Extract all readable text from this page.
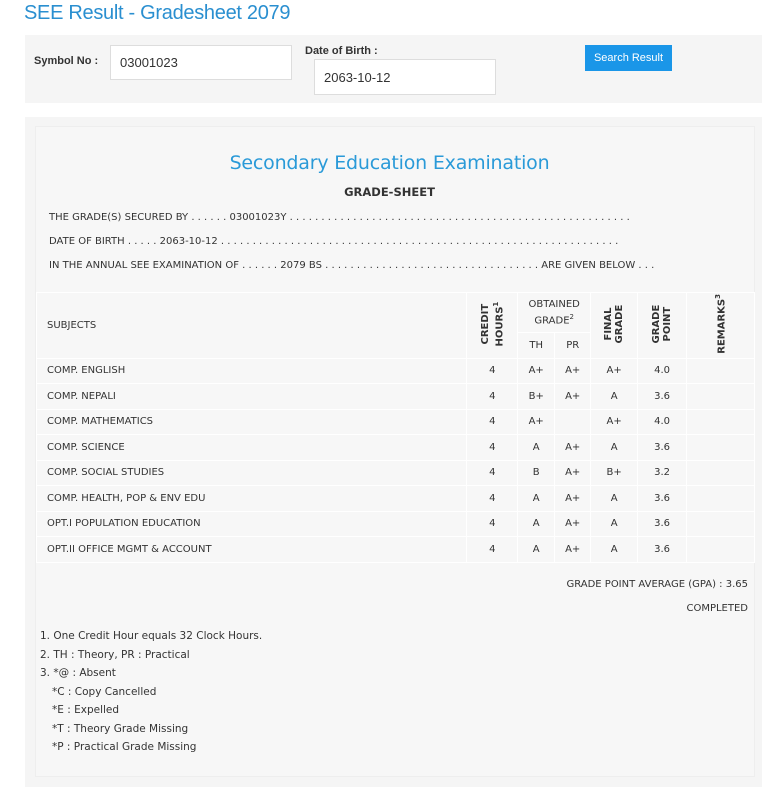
SEE Result - Gradesheet 2079
Symbol No :	03001023
Date of Birth :
2063-10-12
Search Result
Secondary Education Examination
GRADE-SHEET
THE GRADE(S) SECURED BY . . . . . . 03001023Y . . . . . . . . . . . . . . . . . . . . . . . . . . . . . . . . . . . . . . . . . . . . . . . . . . . . . .
DATE OF BIRTH . . . . . 2063-10-12 . . . . . . . . . . . . . . . . . . . . . . . . . . . . . . . . . . . . . . . . . . . . . . . . . . . . . . . . . . . . . . .
IN THE ANNUAL SEE EXAMINATION OF . . . . . . 2079 BS . . . . . . . . . . . . . . . . . . . . . . . . . . . . . . . . . . ARE GIVEN BELOW . . .
SUBJECTS	CREDIT HOURS$^1$	OBTAINED GRADE$^2$		FINAL GRADE	GRADE POINT	REMARKS$^3$
		TH	PR			
COMP. ENGLISH	4	A+	A+	A+	4.0	
COMP. NEPALI	4	B+	A+	A	3.6	
COMP. MATHEMATICS	4	A+		A+	4.0	
COMP. SCIENCE	4	A	A+	A	3.6	
COMP. SOCIAL STUDIES	4	B	A+	B+	3.2	
COMP. HEALTH, POP & ENV EDU	4	A	A+	A	3.6	
OPT.I POPULATION EDUCATION	4	A	A+	A	3.6	
OPT.II OFFICE MGMT & ACCOUNT	4	A	A+	A	3.6	
GRADE POINT AVERAGE (GPA) : 3.65
COMPLETED
1. One Credit Hour equals 32 Clock Hours.
2. TH : Theory, PR : Practical
3. *@ : Absent
*C : Copy Cancelled
*E : Expelled
*T : Theory Grade Missing
*P : Practical Grade Missing
